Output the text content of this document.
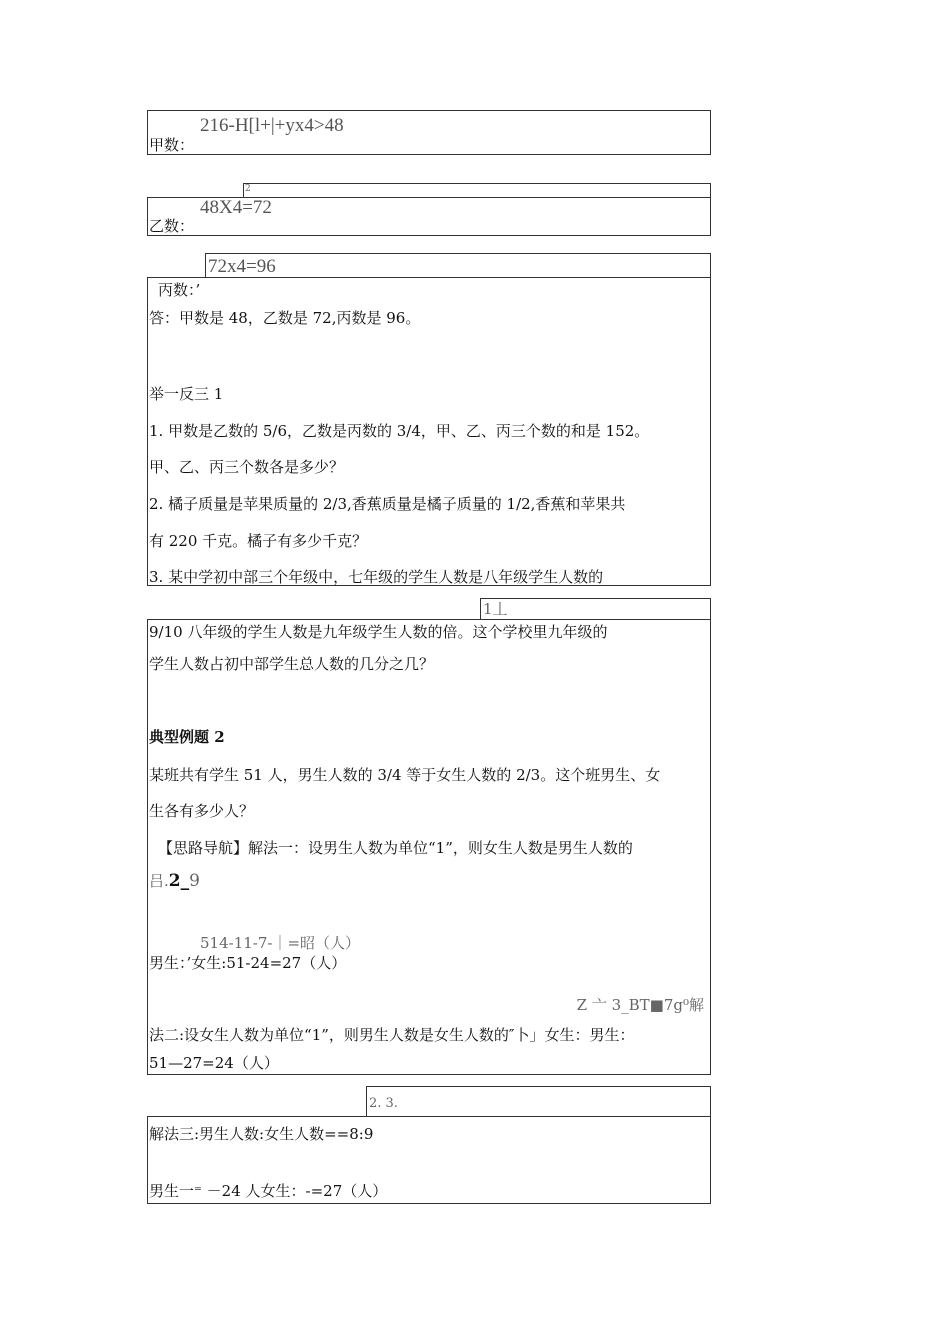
216-H[l+|+yx4>48
甲数：
2
48X4=72
乙数：
72x4=96
丙数：’
答：甲数是 48，乙数是 72,丙数是 96。
举一反三 1
1. 甲数是乙数的 5/6，乙数是丙数的 3/4，甲、乙、丙三个数的和是 152。
甲、乙、丙三个数各是多少？
2. 橘子质量是苹果质量的 2/3,香蕉质量是橘子质量的 1/2,香蕉和苹果共
有 220 千克。橘子有多少千克？
3. 某中学初中部三个年级中，七年级的学生人数是八年级学生人数的
1丄
9/10 八年级的学生人数是九年级学生人数的倍。这个学校里九年级的
学生人数占初中部学生总人数的几分之几？
典型例题 2
某班共有学生 51 人，男生人数的 3/4 等于女生人数的 2/3。这个班男生、女
生各有多少人？
【思路导航】解法一：设男生人数为单位“1”，则女生人数是男生人数的
吕.2_9
514-11-7-｜=昭（人）
男生：’女生:51-24=27（人）
Z 亠 3_BT■7g⁰解
法二:设女生人数为单位“1”，则男生人数是女生人数的″卜」女生：男生：
51—27=24（人）
2. 3.
解法三:男生人数:女生人数==8:9
男生一⁼ －24 人女生：-=27（人）
